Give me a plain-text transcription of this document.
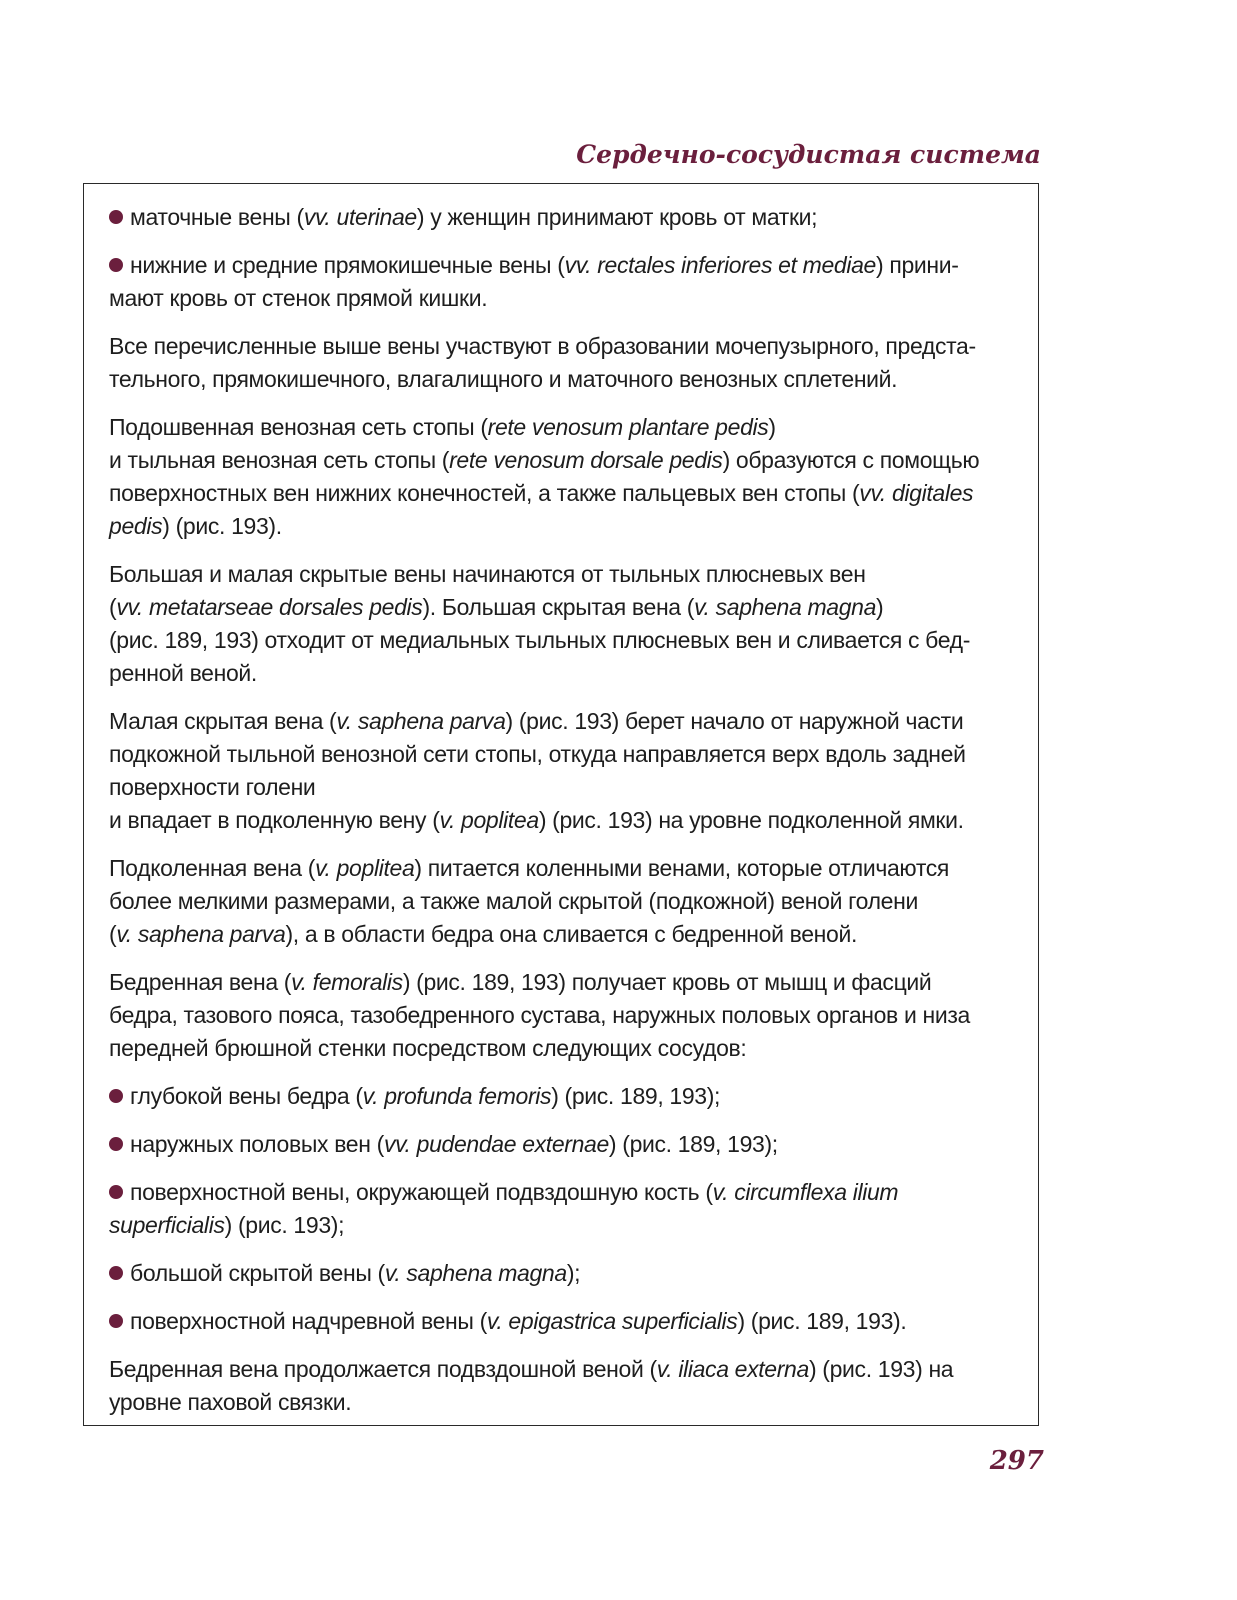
Сердечно-сосудистая система
маточные вены (vv. uterinae) у женщин принимают кровь от матки;
нижние и средние прямокишечные вены (vv. rectales inferiores et mediae) прини-
мают кровь от стенок прямой кишки.
Все перечисленные выше вены участвуют в образовании мочепузырного, предста-
тельного, прямокишечного, влагалищного и маточного венозных сплетений.
Подошвенная венозная сеть стопы (rete venosum plantare pedis)
и тыльная венозная сеть стопы (rete venosum dorsale pedis) образуются с помощью
поверхностных вен нижних конечностей, а также пальцевых вен стопы (vv. digitales
pedis) (рис. 193).
Большая и малая скрытые вены начинаются от тыльных плюсневых вен
(vv. metatarseae dorsales pedis). Большая скрытая вена (v. saphena magna)
(рис. 189, 193) отходит от медиальных тыльных плюсневых вен и сливается с бед-
ренной веной.
Малая скрытая вена (v. saphena parva) (рис. 193) берет начало от наружной части
подкожной тыльной венозной сети стопы, откуда направляется верх вдоль задней
поверхности голени
и впадает в подколенную вену (v. poplitea) (рис. 193) на уровне подколенной ямки.
Подколенная вена (v. poplitea) питается коленными венами, которые отличаются
более мелкими размерами, а также малой скрытой (подкожной) веной голени
(v. saphena parva), а в области бедра она сливается с бедренной веной.
Бедренная вена (v. femoralis) (рис. 189, 193) получает кровь от мышц и фасций
бедра, тазового пояса, тазобедренного сустава, наружных половых органов и низа
передней брюшной стенки посредством следующих сосудов:
глубокой вены бедра (v. profunda femoris) (рис. 189, 193);
наружных половых вен (vv. pudendae externae) (рис. 189, 193);
поверхностной вены, окружающей подвздошную кость (v. circumflexa ilium
superficialis) (рис. 193);
большой скрытой вены (v. saphena magna);
поверхностной надчревной вены (v. epigastrica superficialis) (рис. 189, 193).
Бедренная вена продолжается подвздошной веной (v. iliaca externa) (рис. 193) на
уровне паховой связки.
297
